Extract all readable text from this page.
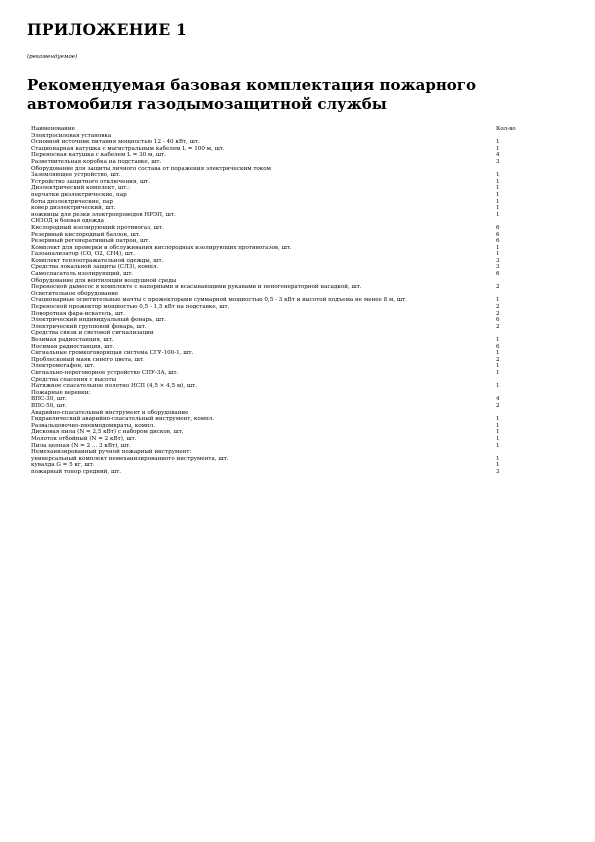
ПРИЛОЖЕНИЕ 1

(рекомендуемое)

Рекомендуемая базовая комплектация пожарного автомобиля газодымозащитной службы
Наименование	Кол-во
Электросиловая установка
Основной источник питания мощностью 12 - 40 кВт, шт.	1
Стационарная катушка с магистральным кабелем L = 100 м, шт.	1
Переносная катушка с кабелем L = 30 м, шт.	4
Разветвительная коробка на подставке, шт.	3
Оборудование для защиты личного состава от поражения электрическим током
Заземляющее устройство, шт.	1
Устройство защитного отключения, шт.	1
Диэлектрический комплект, шт.:	1
перчатки диэлектрические, пар	1
боты диэлектрические, пар	1
ковер диэлектрический, шт.	1
ножницы для резки электропроводов НРЭП, шт.	1
СИЗОД и боевая одежда
Кислородный изолирующий противогаз, шт.	6
Резервный кислородный баллон, шт.	6
Резервный регенеративный патрон, шт.	6
Комплект для проверки и обслуживания кислородных изолирующих противогазов, шт.	1
Газоанализатор (CO, O2, CH4), шт.	1
Комплект теплоотражательной одежды, шт.	3
Средства локальной защиты (СЛЗ), компл.	3
Самоспасатель изолирующий, шт.	6
Оборудование для вентиляции воздушной среды
Переносной дымосос в комплекте с напорными и всасывающими рукавами и пеногенераторной насадкой, шт.	2
Осветительное оборудование
Стационарные осветительные мачты с прожекторами суммарной мощностью 0,5 - 3 кВт и высотой подъема не менее 8 м, шт.	1
Переносной прожектор мощностью 0,5 - 1,5 кВт на подставке, шт.	2
Поворотная фара-искатель, шт.	2
Электрический индивидуальный фонарь, шт.	6
Электрический групповой фонарь, шт.	2
Средства связи и световой сигнализации
Возимая радиостанция, шт.	1
Носимая радиостанция, шт.	6
Сигнальные громкоговорящая система СГУ-100-1, шт.	1
Проблесковый маяк синего цвета, шт.	2
Электромегафон, шт.	1
Сигнально-переговорное устройство СПУ-3А, шт.	1
Средства спасения с высоты
Натяжное спасательное полотно НСП (4,5 × 4,5 м), шт.	1
Пожарные веревки:
ВПС-30, шт.	4
ВПС-50, шт.	2
Аварийно-спасательный инструмент и оборудование
Гидравлический аварийно-спасательный инструмент, компл.	1
Развальцовочно-пневмодомкраты, компл.	1
Дисковая пила (N = 2,5 кВт) с набором дисков, шт.	1
Молоток отбойный (N = 2 кВт), шт.	1
Пила цепная (N = 2 ... 3 кВт), шт.	1
Немеханизированный ручной пожарный инструмент:
универсальный комплект немеханизированного инструмента, шт.	1
кувалда G = 5 кг, шт.	1
пожарный топор средний, шт.	3
